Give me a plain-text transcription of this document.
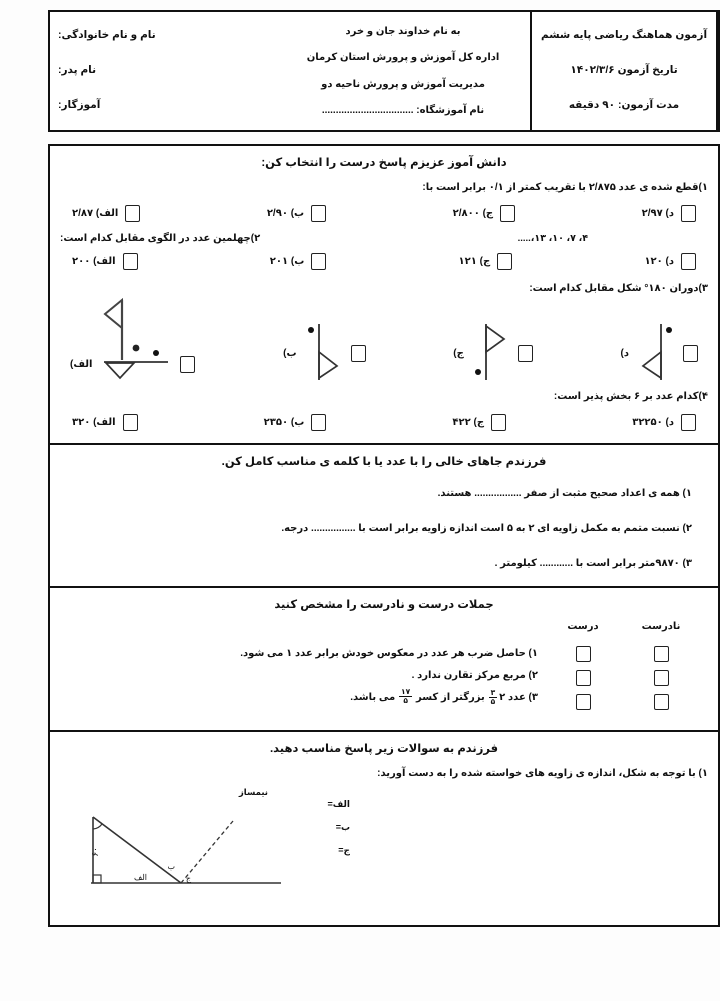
آزمون هماهنگ ریاضی پایه ششم
تاریخ آزمون ۱۴۰۲/۳/۶
مدت آزمون: ۹۰ دقیقه
به نام خداوند جان و خرد
اداره کل آموزش و پرورش استان کرمان
مدیریت آموزش و پرورش ناحیه دو
نام آموزشگاه: .................................
نام و نام خانوادگی:
نام پدر:
آموزگار:
دانش آموز عزیزم پاسخ درست را انتخاب کن:
۱)قطع شده ی عدد ۲/۸۷۵ با تقریب کمتر از ۰/۱ برابر است با:
د) ۲/۹۷
ج) ۲/۸۰۰
ب) ۲/۹۰
الف) ۲/۸۷
۴، ۷، ۱۰، ۱۳،.....
۲)چهلمین عدد در الگوی مقابل کدام است:
د) ۱۲۰
ج) ۱۲۱
ب) ۲۰۱
الف) ۲۰۰
۳)دوران ۱۸۰° شکل مقابل کدام است:
د)
ج)
ب)
الف)
۴)کدام عدد بر ۶ بخش پذیر است:
د) ۳۲۲۵۰
ج) ۴۲۲
ب) ۲۳۵۰
الف) ۳۲۰
فرزندم جاهای خالی را با عدد یا با کلمه ی مناسب کامل کن.
۱) همه ی اعداد صحیح مثبت از صفر ................. هستند.
۲) نسبت متمم به مکمل زاویه ای ۲ به ۵ است اندازه زاویه برابر است با ................ درجه.
۳) ۹۸۷۰متر برابر است با ............ کیلومتر .
جملات درست و نادرست را مشخص کنید
نادرست
درست
۱) حاصل ضرب هر عدد در معکوس خودش برابر عدد ۱ می شود.
۲) مربع مرکز تقارن ندارد .
۳) عدد
۲
$\frac{۳}{۵}$
بزرگتر از کسر
$\frac{۱۷}{۵}$
می باشد.
فرزندم به سوالات زیر پاسخ مناسب دهید.
۱) با توجه به شکل، اندازه ی زاویه های خواسته شده را به دست آورید:
الف=
ب=
ج=
نیمساز
۶۰
الف
ب
ج
